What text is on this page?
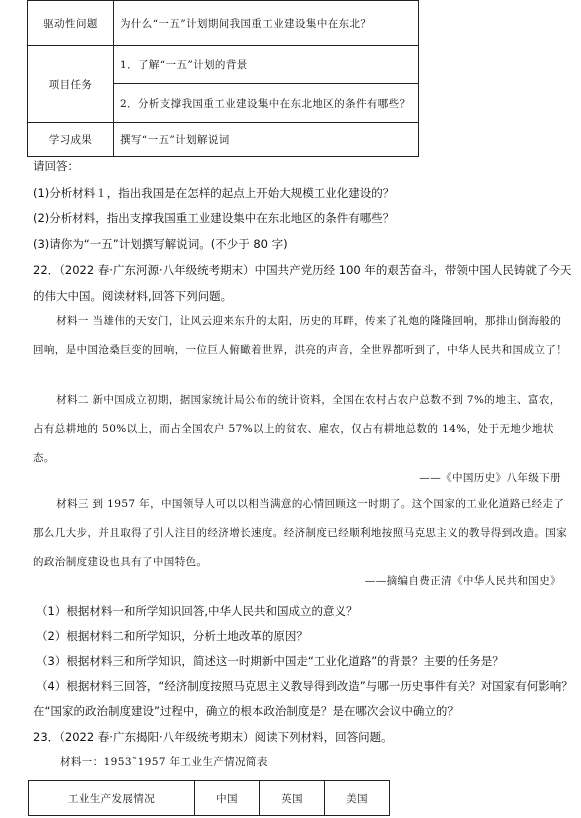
驱动性问题	为什么“一五”计划期间我国重工业建设集中在东北？
项目任务	1．了解“一五”计划的背景
	2．分析支撑我国重工业建设集中在东北地区的条件有哪些？
学习成果	撰写“一五”计划解说词
请回答：
(1)分析材料１，指出我国是在怎样的起点上开始大规模工业化建设的？
(2)分析材料，指出支撑我国重工业建设集中在东北地区的条件有哪些？
(3)请你为“一五”计划撰写解说词。(不少于 80 字)
22．（2022 春·广东河源·八年级统考期末）中国共产党历经 100 年的艰苦奋斗，带领中国人民铸就了今天
的伟大中国。阅读材料,回答下列问题。
材料一 当雄伟的天安门，让风云迎来东升的太阳，历史的耳畔，传来了礼炮的隆隆回响，那排山倒海般的回响，是中国沧桑巨变的回响，一位巨人俯瞰着世界，洪亮的声音，全世界都听到了，中华人民共和国成立了！
材料二 新中国成立初期，据国家统计局公布的统计资料，全国在农村占农户总数不到 7%的地主、富农，占有总耕地的 50%以上，而占全国农户 57%以上的贫农、雇农，仅占有耕地总数的 14%，处于无地少地状态。
——《中国历史》八年级下册
材料三 到 1957 年，中国领导人可以以相当满意的心情回顾这一时期了。这个国家的工业化道路已经走了那么几大步，并且取得了引人注目的经济增长速度。经济制度已经顺利地按照马克思主义的教导得到改造。国家的政治制度建设也具有了中国特色。
——摘编自费正清《中华人民共和国史》
（1）根据材料一和所学知识回答,中华人民共和国成立的意义？
（2）根据材料二和所学知识，分析土地改革的原因？
（3）根据材料三和所学知识，简述这一时期新中国走“工业化道路”的背景？主要的任务是？
（4）根据材料三回答，“经济制度按照马克思主义教导得到改造”与哪一历史事件有关？对国家有何影响？
在“国家的政治制度建设”过程中，确立的根本政治制度是？是在哪次会议中确立的？
23．（2022 春·广东揭阳·八年级统考期末）阅读下列材料，回答问题。
材料一：1953˜1957 年工业生产情况简表
工业生产发展情况	中国	英国	美国
